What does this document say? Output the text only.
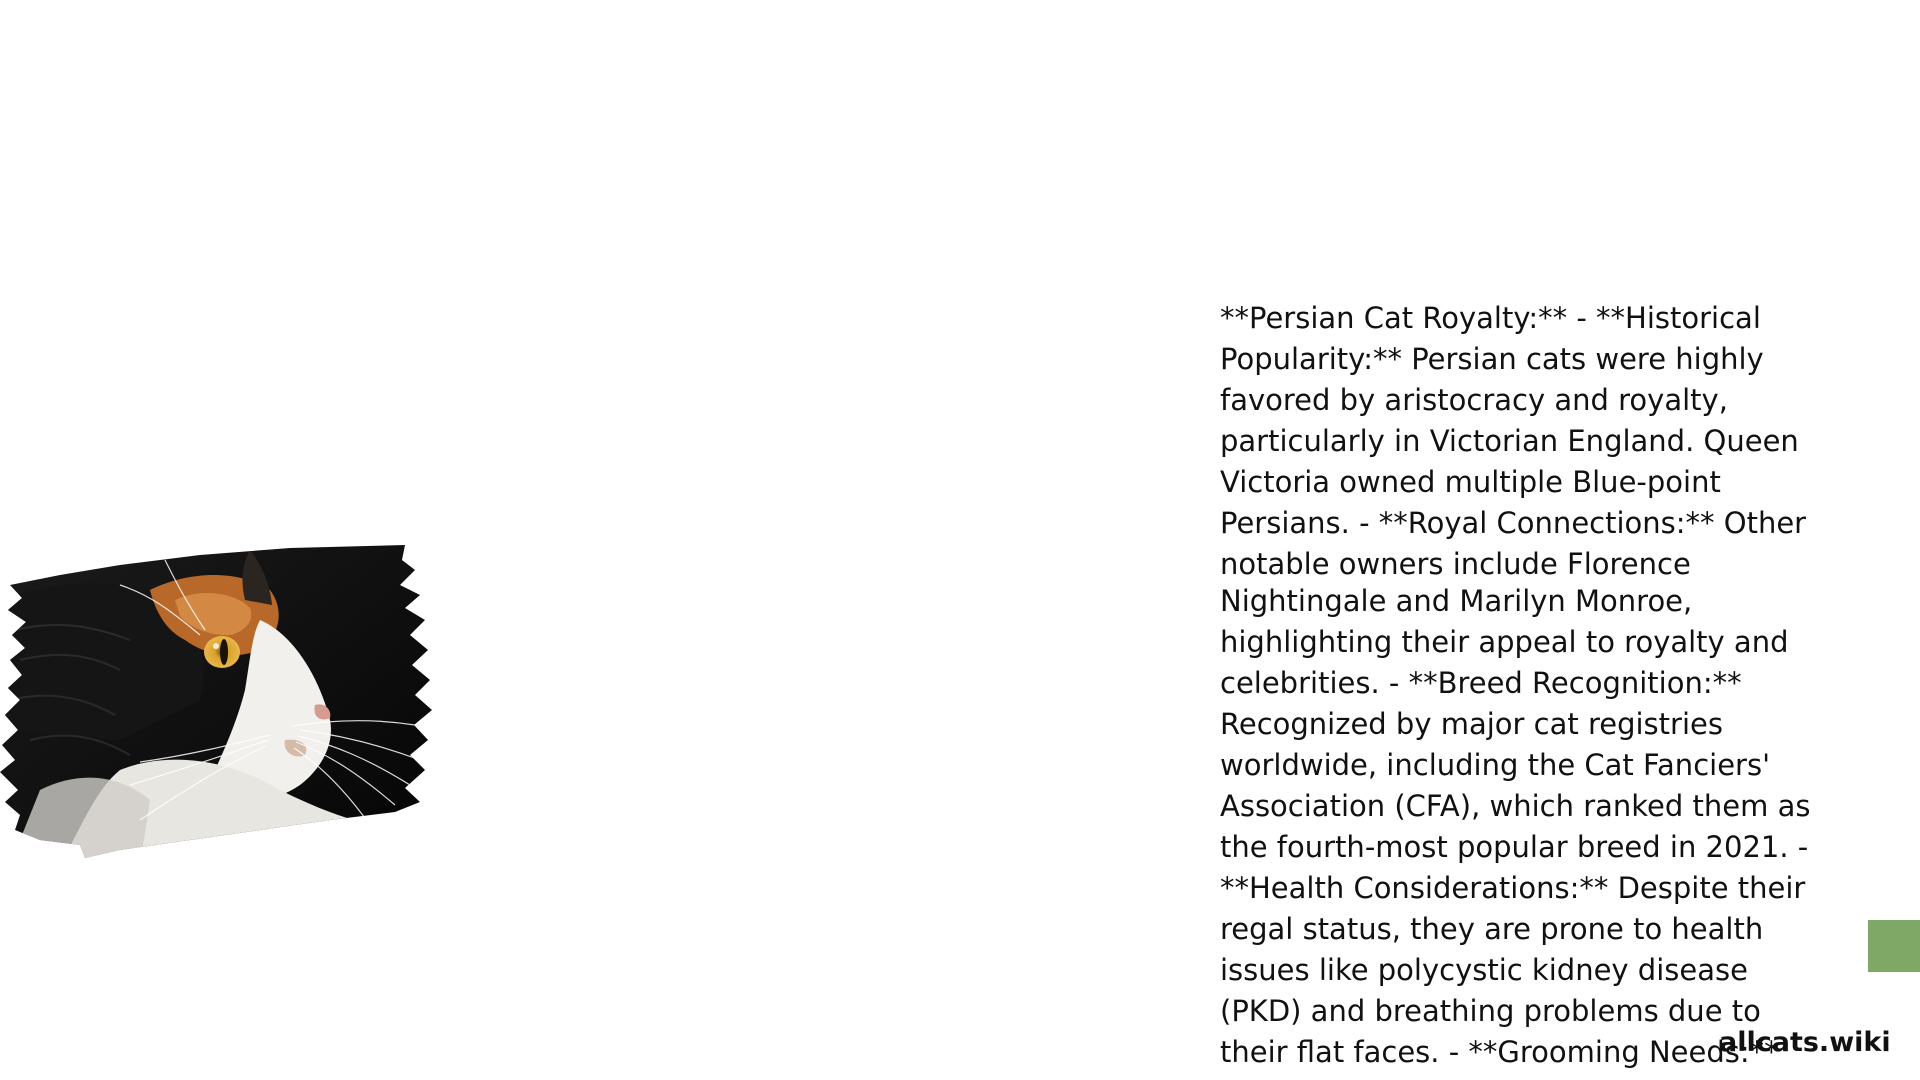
**Persian Cat Royalty:** - **Historical
Popularity:** Persian cats were highly
favored by aristocracy and royalty,
particularly in Victorian England. Queen
Victoria owned multiple Blue-point
Persians. - **Royal Connections:** Other
notable owners include Florence
Nightingale and Marilyn Monroe,
highlighting their appeal to royalty and
celebrities. - **Breed Recognition:**
Recognized by major cat registries
worldwide, including the Cat Fanciers'
Association (CFA), which ranked them as
the fourth-most popular breed in 2021. -
**Health Considerations:** Despite their
regal status, they are prone to health
issues like polycystic kidney disease
(PKD) and breathing problems due to
their flat faces. - **Grooming Needs:**
allcats.wiki
